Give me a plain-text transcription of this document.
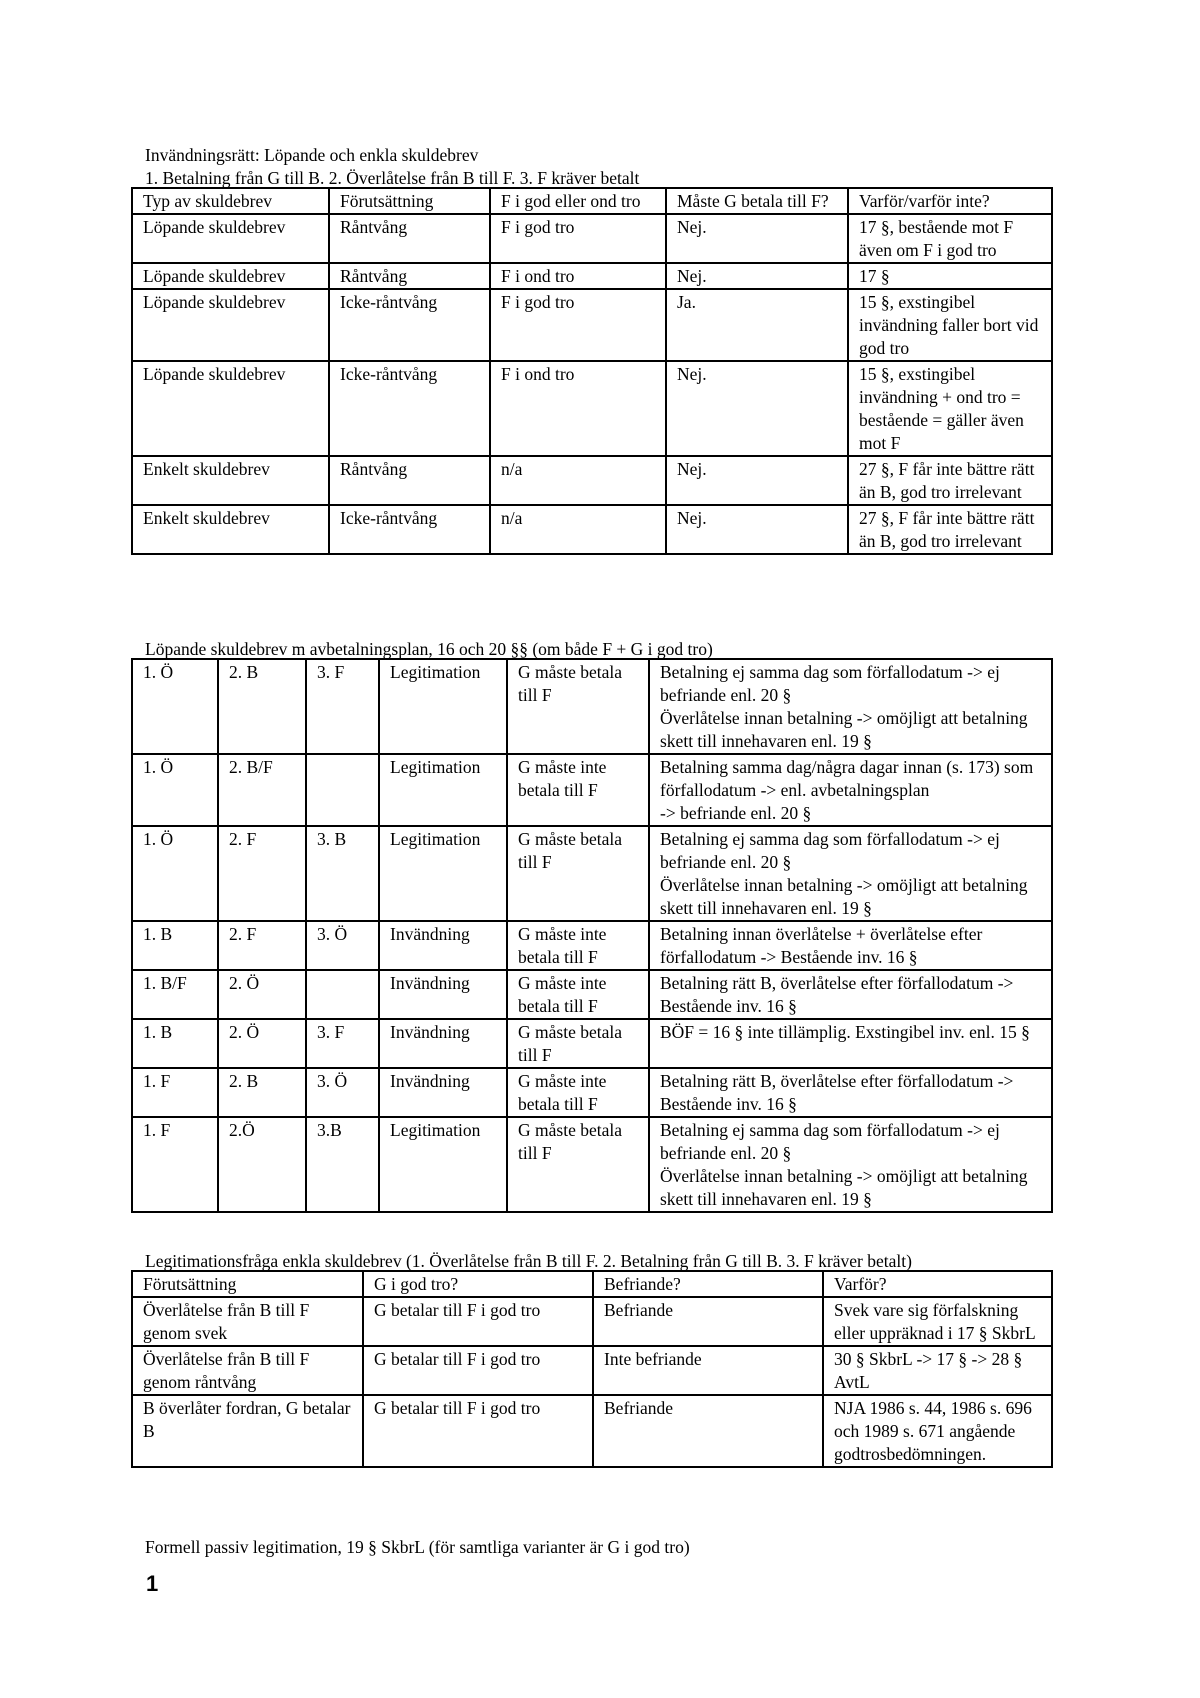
Invändningsrätt: Löpande och enkla skuldebrev
1. Betalning från G till B. 2. Överlåtelse från B till F. 3. F kräver betalt
Typ av skuldebrev	Förutsättning	F i god eller ond tro	Måste G betala till F?	Varför/varför inte?
Löpande skuldebrev	Råntvång	F i god tro	Nej.	17 §, bestående mot F även om F i god tro
Löpande skuldebrev	Råntvång	F i ond tro	Nej.	17 §
Löpande skuldebrev	Icke-råntvång	F i god tro	Ja.	15 §, exstingibel invändning faller bort vid god tro
Löpande skuldebrev	Icke-råntvång	F i ond tro	Nej.	15 §, exstingibel invändning + ond tro = bestående = gäller även mot F
Enkelt skuldebrev	Råntvång	n/a	Nej.	27 §, F får inte bättre rätt än B, god tro irrelevant
Enkelt skuldebrev	Icke-råntvång	n/a	Nej.	27 §, F får inte bättre rätt än B, god tro irrelevant
Löpande skuldebrev m avbetalningsplan, 16 och 20 §§ (om både F + G i god tro)
1. Ö	2. B	3. F	Legitimation	G måste betala till F	Betalning ej samma dag som förfallodatum -> ej befriande enl. 20 §
Överlåtelse innan betalning -> omöjligt att betalning skett till innehavaren enl. 19 §
1. Ö	2. B/F		Legitimation	G måste inte betala till F	Betalning samma dag/några dagar innan (s. 173) som förfallodatum -> enl. avbetalningsplan
-> befriande enl. 20 §
1. Ö	2. F	3. B	Legitimation	G måste betala till F	Betalning ej samma dag som förfallodatum -> ej befriande enl. 20 §
Överlåtelse innan betalning -> omöjligt att betalning skett till innehavaren enl. 19 §
1. B	2. F	3. Ö	Invändning	G måste inte betala till F	Betalning innan överlåtelse + överlåtelse efter förfallodatum -> Bestående inv. 16 §
1. B/F	2. Ö		Invändning	G måste inte betala till F	Betalning rätt B, överlåtelse efter förfallodatum -> Bestående inv. 16 §
1. B	2. Ö	3. F	Invändning	G måste betala till F	BÖF = 16 § inte tillämplig. Exstingibel inv. enl. 15 §
1. F	2. B	3. Ö	Invändning	G måste inte betala till F	Betalning rätt B, överlåtelse efter förfallodatum -> Bestående inv. 16 §
1. F	2.Ö	3.B	Legitimation	G måste betala till F	Betalning ej samma dag som förfallodatum -> ej befriande enl. 20 §
Överlåtelse innan betalning -> omöjligt att betalning skett till innehavaren enl. 19 §
Legitimationsfråga enkla skuldebrev (1. Överlåtelse från B till F. 2. Betalning från G till B. 3. F kräver betalt)
Förutsättning	G i god tro?	Befriande?	Varför?
Överlåtelse från B till F genom svek	G betalar till F i god tro	Befriande	Svek vare sig förfalskning eller uppräknad i 17 § SkbrL
Överlåtelse från B till F genom råntvång	G betalar till F i god tro	Inte befriande	30 § SkbrL -> 17 § -> 28 § AvtL
B överlåter fordran, G betalar B	G betalar till F i god tro	Befriande	NJA 1986 s. 44, 1986 s. 696 och 1989 s. 671 angående godtrosbedömningen.
Formell passiv legitimation, 19 § SkbrL (för samtliga varianter är G i god tro)
1
